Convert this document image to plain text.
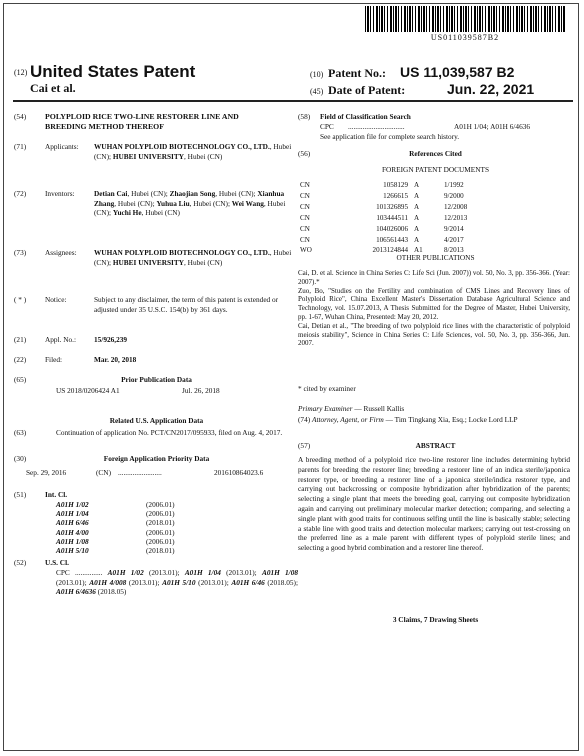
US011039587B2
(12) United States Patent
Cai et al.
(10) Patent No.: US 11,039,587 B2
(45) Date of Patent:	Jun. 22, 2021
(54)	POLYPLOID RICE TWO-LINE RESTORER LINE AND BREEDING METHOD THEREOF
(71)	Applicants: WUHAN POLYPLOID BIOTECHNOLOGY CO., LTD., Hubei (CN); HUBEI UNIVERSITY, Hubei (CN)
(72)	Inventors:	Detian Cai, Hubei (CN); Zhaojian Song, Hubei (CN); Xianhua Zhang, Hubei (CN); Yuhua Liu, Hubei (CN); Wei Wang, Hubei (CN); Yuchi He, Hubei (CN)
(73)	Assignees: WUHAN POLYPLOID BIOTECHNOLOGY CO., LTD., Hubei (CN); HUBEI UNIVERSITY, Hubei (CN)
( * )	Notice:	Subject to any disclaimer, the term of this patent is extended or adjusted under 35 U.S.C. 154(b) by 361 days.
(21)	Appl. No.: 15/926,239
(22)	Filed:	Mar. 20, 2018
(65)	Prior Publication Data
US 2018/0206424 A1	Jul. 26, 2018
Related U.S. Application Data
(63)	Continuation of application No. PCT/CN2017/095933, filed on Aug. 4, 2017.
(30)	Foreign Application Priority Data
Sep. 29, 2016	(CN) ........................	201610864023.6
(51)	Int. Cl.
A01H 1/02	(2006.01)
A01H 1/04	(2006.01)
A01H 6/46	(2018.01)
A01H 4/00	(2006.01)
A01H 1/08	(2006.01)
A01H 5/10	(2018.01)
(52)	U.S. Cl.
CPC ............... A01H 1/02 (2013.01); A01H 1/04 (2013.01); A01H 1/08 (2013.01); A01H 4/008 (2013.01); A01H 5/10 (2013.01); A01H 6/46 (2018.05); A01H 6/4636 (2018.05)
(58)	Field of Classification Search
CPC ...............................	A01H 1/04; A01H 6/4636
See application file for complete search history.
(56)	References Cited
FOREIGN PATENT DOCUMENTS
CN	1058129	A	1/1992
CN	1266615	A	9/2000
CN	101326895	A	12/2008
CN	103444511	A	12/2013
CN	104026006	A	9/2014
CN	106561443	A	4/2017
WO	2013124844	A1	8/2013
OTHER PUBLICATIONS
Cai, D. et al. Science in China Series C: Life Sci (Jun. 2007)) vol. 50, No. 3, pp. 356-366. (Year: 2007).*
Zuo, Bo, "Studies on the Fertility and combination of CMS Lines and Recovery lines of Polyploid Rice", China Excellent Master's Dissertation Database Agricultural Science and Technology, vol. 15.07.2013, A Thesis Submitted for the Degree of Master, Hubei University, pp. 1-67, Wuhan China, Presented: May 20, 2012.
Cai, Detian et al., "The breeding of two polyploid rice lines with the characteristic of polyploid meiosis stability", Science in China Series C: Life Sciences, vol. 50, No. 3, pp. 356-366, Jun. 2007.
* cited by examiner
Primary Examiner — Russell Kallis
(74) Attorney, Agent, or Firm — Tim Tingkang Xia, Esq.; Locke Lord LLP
(57)	ABSTRACT
A breeding method of a polyploid rice two-line restorer line includes determining hybrid parents for breeding the restorer line; breeding a restorer line of an indica sterile/japonica restorer type, or breeding a restorer line of a japonica sterile/indica restorer type, and carrying out backcrossing or composite hybridization after hybridization of the parents; selecting a single plant that meets the breeding goal, carrying out composite hybridization again and carrying out preliminary molecular marker detection; comparing, and selecting a single plant with good traits for continuous selfing until the line is basically stable; selecting a stable line with good traits and detection molecular markers; carrying out test-crossing on the preferred line as a male parent with different types of polyploid sterile lines; and selecting a good hybrid combination and a restorer line thereof.
3 Claims, 7 Drawing Sheets
